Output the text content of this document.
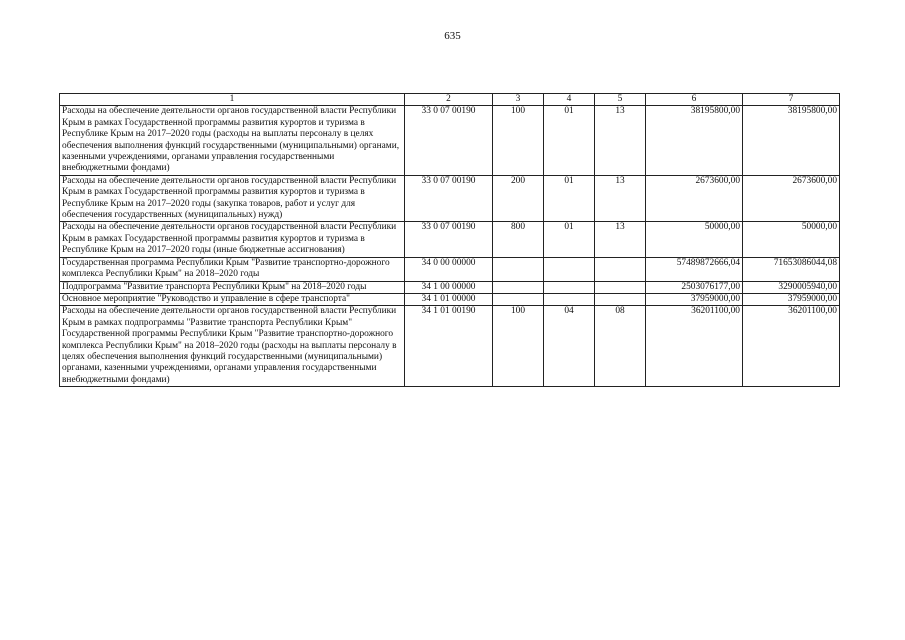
635
1	2	3	4	5	6	7
Расходы на обеспечение деятельности органов государственной власти Республики Крым в рамках Государственной программы развития курортов и туризма в Республике Крым на 2017–2020 годы (расходы на выплаты персоналу в целях обеспечения выполнения функций государственными (муниципальными) органами, казенными учреждениями, органами управления государственными внебюджетными фондами)	33 0 07 00190	100	01	13	38195800,00	38195800,00
Расходы на обеспечение деятельности органов государственной власти Республики Крым в рамках Государственной программы развития курортов и туризма в Республике Крым на 2017–2020 годы (закупка товаров, работ и услуг для обеспечения государственных (муниципальных) нужд)	33 0 07 00190	200	01	13	2673600,00	2673600,00
Расходы на обеспечение деятельности органов государственной власти Республики Крым в рамках Государственной программы развития курортов и туризма в Республике Крым на 2017–2020 годы (иные бюджетные ассигнования)	33 0 07 00190	800	01	13	50000,00	50000,00
Государственная программа Республики Крым "Развитие транспортно-дорожного комплекса Республики Крым" на 2018–2020 годы	34 0 00 00000				57489872666,04	71653086044,08
Подпрограмма "Развитие транспорта Республики Крым" на 2018–2020 годы	34 1 00 00000				2503076177,00	3290005940,00
Основное мероприятие "Руководство и управление в сфере транспорта"	34 1 01 00000				37959000,00	37959000,00
Расходы на обеспечение деятельности органов государственной власти Республики Крым в рамках подпрограммы "Развитие транспорта Республики Крым" Государственной программы Республики Крым "Развитие транспортно-дорожного комплекса Республики Крым" на 2018–2020 годы (расходы на выплаты персоналу в целях обеспечения выполнения функций государственными (муниципальными) органами, казенными учреждениями, органами управления государственными внебюджетными фондами)	34 1 01 00190	100	04	08	36201100,00	36201100,00
